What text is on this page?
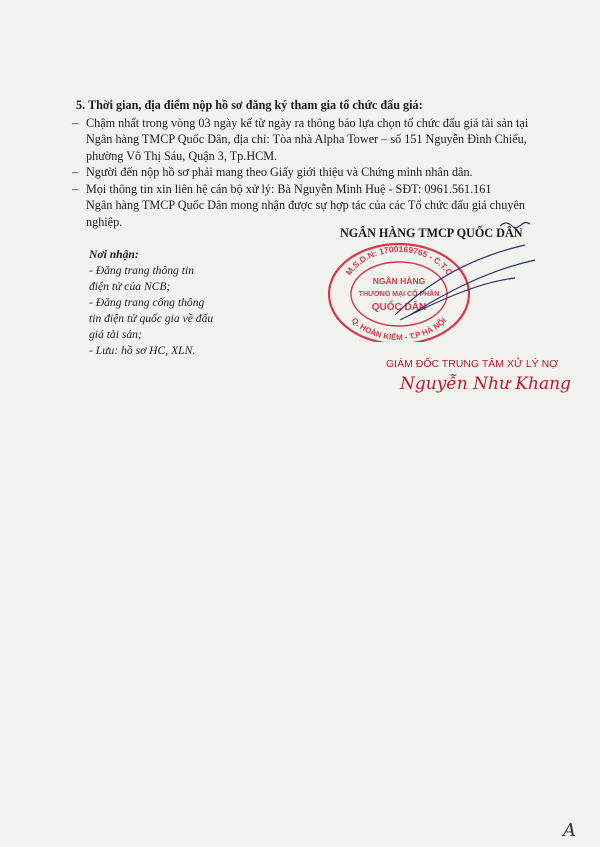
5. Thời gian, địa điểm nộp hồ sơ đăng ký tham gia tổ chức đấu giá:

– Chậm nhất trong vòng 03 ngày kể từ ngày ra thông báo lựa chọn tổ chức đấu giá tài sản tại Ngân hàng TMCP Quốc Dân, địa chỉ: Tòa nhà Alpha Tower – số 151 Nguyễn Đình Chiểu, phường Võ Thị Sáu, Quận 3, Tp.HCM.

– Người đến nộp hồ sơ phải mang theo Giấy giới thiệu và Chứng minh nhân dân.

– Mọi thông tin xin liên hệ cán bộ xử lý: Bà Nguyễn Minh Huệ - SĐT: 0961.561.161

Ngân hàng TMCP Quốc Dân mong nhận được sự hợp tác của các Tổ chức đấu giá chuyên nghiệp.

Nơi nhận:

- Đăng trang thông tin điện tử của NCB;

- Đăng trang cổng thông tin điện tử quốc gia về đấu giá tài sản;

- Lưu: hồ sơ HC, XLN.

NGÂN HÀNG TMCP QUỐC DÂN
M.S.D.N: 1700169765 - C.T.C
Q. HOÀN KIẾM - T.P HÀ NỘI
NGÂN HÀNG
THƯƠNG MẠI CỔ PHẦN
QUỐC DÂN
GIÁM ĐỐC TRUNG TÂM XỬ LÝ NỢ
Nguyễn Như Khang
A
